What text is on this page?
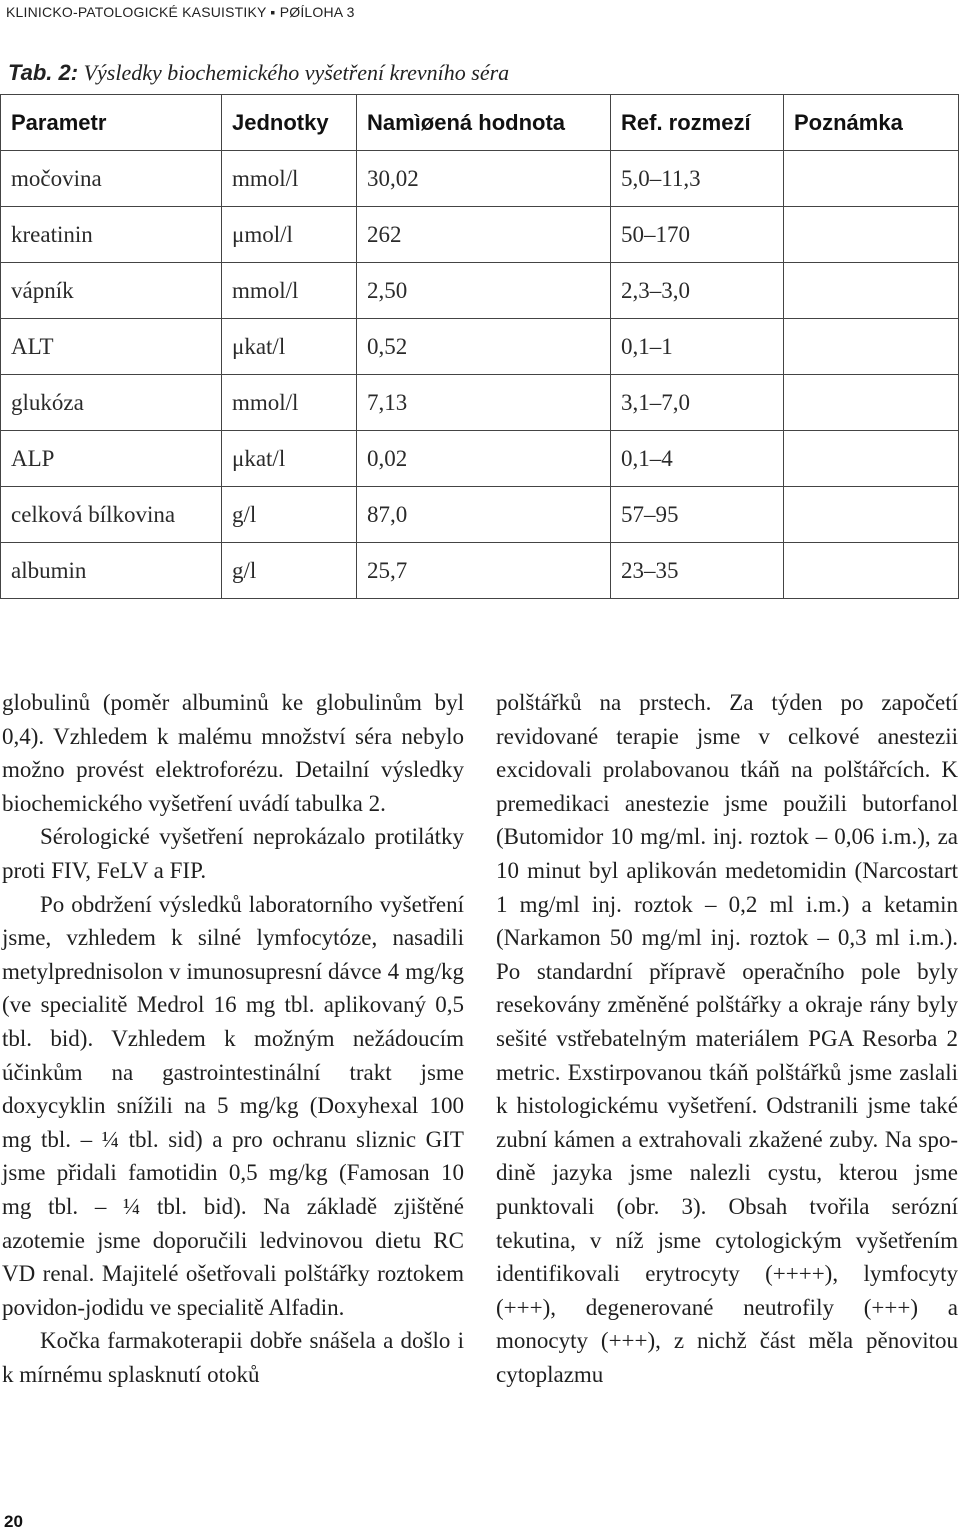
KLINICKO-PATOLOGICKÉ KASUISTIKY ▪ PØÍLOHA 3
Tab. 2: Výsledky biochemického vyšetření krevního séra
Parametr	Jednotky	Namìøená hodnota	Ref. rozmezí	Poznámka
močovina	mmol/l	30,02	5,0–11,3	
kreatinin	μmol/l	262	50–170	
vápník	mmol/l	2,50	2,3–3,0	
ALT	μkat/l	0,52	0,1–1	
glukóza	mmol/l	7,13	3,1–7,0	
ALP	μkat/l	0,02	0,1–4	
celková bílkovina	g/l	87,0	57–95	
albumin	g/l	25,7	23–35	

globulinů (poměr albuminů ke globulinům byl 0,4). Vzhledem k malému množství séra nebylo možno provést elektroforézu. Detailní výsledky biochemického vyšetření uvádí tabulka 2.

Sérologické vyšetření neprokázalo protilátky proti FIV, FeLV a FIP.

Po obdržení výsledků laboratorního vyšetření jsme, vzhledem k silné lymfocytóze, nasadili metylprednisolon v imunosupresní dávce 4 mg/kg (ve specialitě Medrol 16 mg tbl. aplikovaný 0,5 tbl. bid). Vzhledem k možným nežádoucím účinkům na gastrointestinální trakt jsme doxycyklin snížili na 5 mg/kg (Doxyhexal 100 mg tbl. – ¼ tbl. sid) a pro ochranu sliznic GIT jsme přidali famotidin 0,5 mg/kg (Famosan 10 mg tbl. – ¼ tbl. bid). Na základě zjištěné azotemie jsme doporučili ledvinovou dietu RC VD renal. Majitelé ošetřovali polštářky roztokem povidon-jodidu ve specialitě Alfadin.

Kočka farmakoterapii dobře snášela a došlo i k mírnému splasknutí otoků

polštářků na prstech. Za týden po započetí revidované terapie jsme v celkové anestezii excidovali prolabovanou tkáň na polštářcích. K premedikaci anestezie jsme použili butorfanol (Butomidor 10 mg/ml. inj. roztok – 0,06 i.m.), za 10 minut byl aplikován medetomidin (Narcostart 1 mg/ml inj. roztok – 0,2 ml i.m.) a ketamin (Narkamon 50 mg/ml inj. roztok – 0,3 ml i.m.). Po standardní přípravě operačního pole byly resekovány změněné polštářky a okraje rány byly sešité vstřebatelným materiálem PGA Resorba 2 metric. Exstirpovanou tkáň polštářků jsme zaslali k histologickému vyšetření. Odstranili jsme také zubní kámen a extrahovali zkažené zuby. Na spodině jazyka jsme nalezli cystu, kterou jsme punktovali (obr. 3). Obsah tvořila serózní tekutina, v níž jsme cytologickým vyšetřením identifikovali erytrocyty (++++), lymfocyty (+++), degenerované neutrofily (+++) a monocyty (+++), z nichž část měla pěnovitou cytoplazmu

20
